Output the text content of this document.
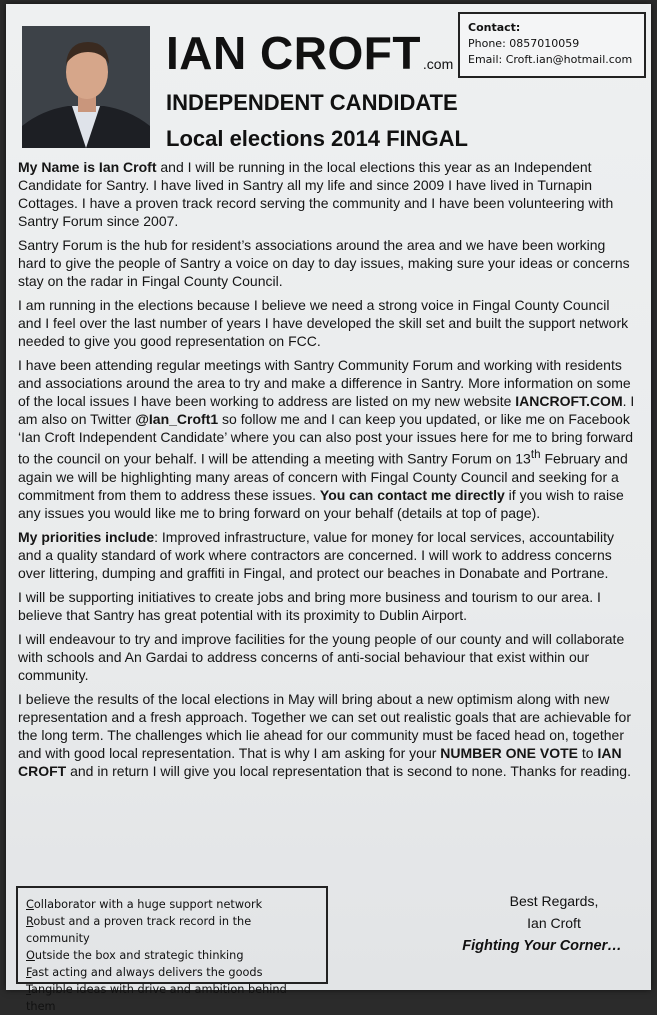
IAN CROFT .com
INDEPENDENT CANDIDATE
Local elections 2014 FINGAL
Contact:
Phone: 0857010059
Email: Croft.ian@hotmail.com

My Name is Ian Croft and I will be running in the local elections this year as an Independent Candidate for Santry. I have lived in Santry all my life and since 2009 I have lived in Turnapin Cottages. I have a proven track record serving the community and I have been volunteering with Santry Forum since 2007.

Santry Forum is the hub for resident’s associations around the area and we have been working hard to give the people of Santry a voice on day to day issues, making sure your ideas or concerns stay on the radar in Fingal County Council.

I am running in the elections because I believe we need a strong voice in Fingal County Council and I feel over the last number of years I have developed the skill set and built the support network needed to give you good representation on FCC.

I have been attending regular meetings with Santry Community Forum and working with residents and associations around the area to try and make a difference in Santry. More information on some of the local issues I have been working to address are listed on my new website IANCROFT.COM. I am also on Twitter @Ian_Croft1 so follow me and I can keep you updated, or like me on Facebook ‘Ian Croft Independent Candidate’ where you can also post your issues here for me to bring forward to the council on your behalf. I will be attending a meeting with Santry Forum on 13th February and again we will be highlighting many areas of concern with Fingal County Council and seeking for a commitment from them to address these issues. You can contact me directly if you wish to raise any issues you would like me to bring forward on your behalf (details at top of page).

My priorities include: Improved infrastructure, value for money for local services, accountability and a quality standard of work where contractors are concerned. I will work to address concerns over littering, dumping and graffiti in Fingal, and protect our beaches in Donabate and Portrane.

I will be supporting initiatives to create jobs and bring more business and tourism to our area. I believe that Santry has great potential with its proximity to Dublin Airport.

I will endeavour to try and improve facilities for the young people of our county and will collaborate with schools and An Gardai to address concerns of anti-social behaviour that exist within our community.

I believe the results of the local elections in May will bring about a new optimism along with new representation and a fresh approach. Together we can set out realistic goals that are achievable for the long term. The challenges which lie ahead for our community must be faced head on, together and with good local representation. That is why I am asking for your NUMBER ONE VOTE to IAN CROFT and in return I will give you local representation that is second to none. Thanks for reading.

Collaborator with a huge support network
Robust and a proven track record in the community
Outside the box and strategic thinking
Fast acting and always delivers the goods
Tangible ideas with drive and ambition behind them
Best Regards,
Ian Croft
Fighting Your Corner…
